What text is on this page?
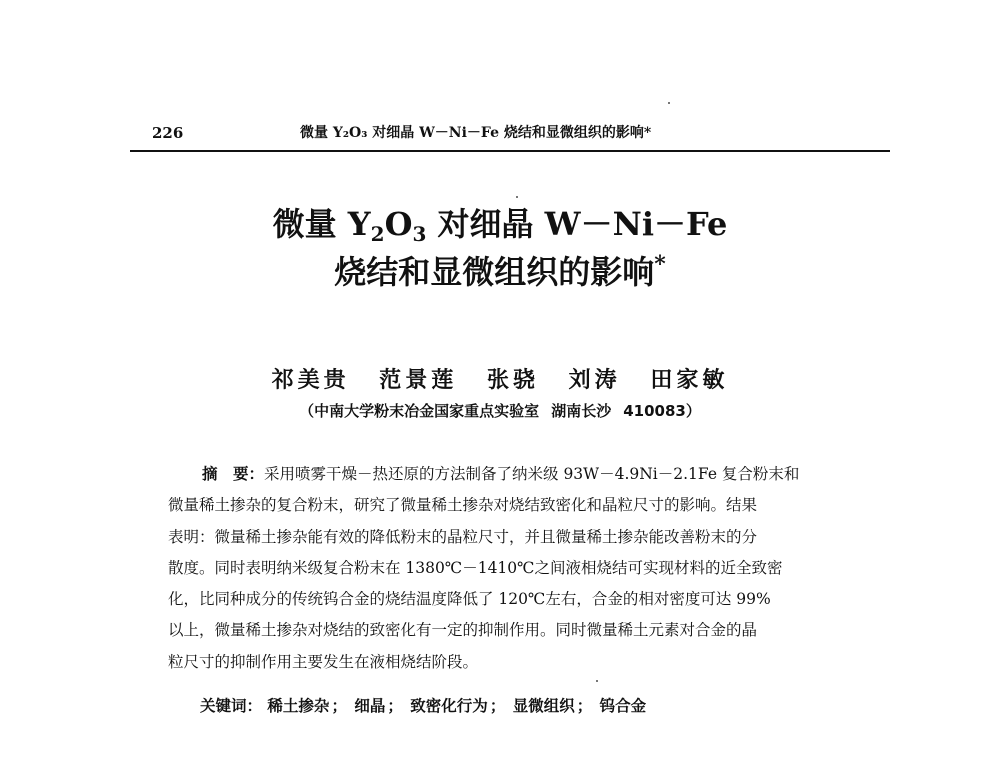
226	微量 Y₂O₃ 对细晶 W－Ni－Fe 烧结和显微组织的影响*
微量 $Y_2O_3$ 对细晶 W－Ni－Fe
烧结和显微组织的影响*
祁美贵 范景莲 张骁 刘涛 田家敏
（中南大学粉末冶金国家重点实验室 湖南长沙 410083）
摘　要：采用喷雾干燥－热还原的方法制备了纳米级 93W－4.9Ni－2.1Fe 复合粉末和
微量稀土掺杂的复合粉末，研究了微量稀土掺杂对烧结致密化和晶粒尺寸的影响。结果
表明：微量稀土掺杂能有效的降低粉末的晶粒尺寸，并且微量稀土掺杂能改善粉末的分
散度。同时表明纳米级复合粉末在 1380℃－1410℃之间液相烧结可实现材料的近全致密
化，比同种成分的传统钨合金的烧结温度降低了 120℃左右，合金的相对密度可达 99%
以上，微量稀土掺杂对烧结的致密化有一定的抑制作用。同时微量稀土元素对合金的晶
粒尺寸的抑制作用主要发生在液相烧结阶段。
关键词： 稀土掺杂 ； 细晶 ； 致密化行为 ； 显微组织 ； 钨合金
